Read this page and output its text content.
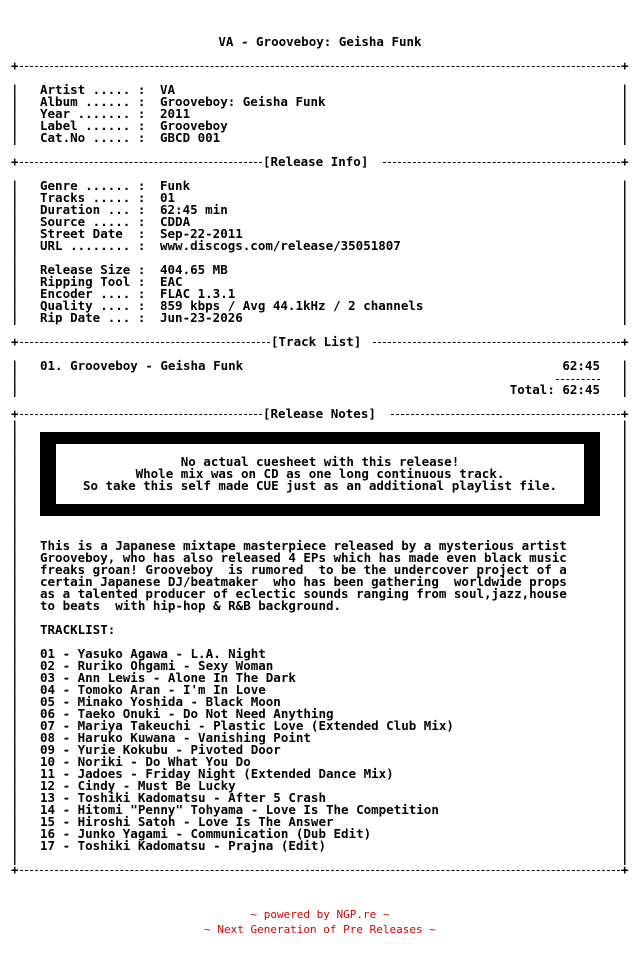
VA - Grooveboy: Geisha Funk

+

	+

|

Artist ..... :

VA

	|

|

Album ...... :

Grooveboy: Geisha Funk

	|

|

Year ....... :

2011

	|

|

Label ...... :

Grooveboy

	|

|

Cat.No ..... :

GBCD 001

	|

+

	[Release Info]

	+

|

Genre ...... :

Funk

	|

|

Tracks ..... :

01

	|

|

Duration ... :

62:45 min

	|

|

Source ..... :

CDDA

	|

|

Street Date  :

Sep-22-2011

	|

|

URL ........ :

www.discogs.com/release/35051807

	|

|	|

|

Release Size :

404.65 MB

	|

|

Ripping Tool :

EAC

	|

|

Encoder .... :

FLAC 1.3.1

	|

|

Quality .... :

859 kbps / Avg 44.1kHz / 2 channels

	|

|

Rip Date ... :

Jun-23-2026

	|

+

	[Track List]

	+

|

01. Grooveboy - Geisha Funk

	62:45

|

|

	|

|

	Total: 62:45

|

+

	[Release Notes]

	+

|
|
|
|
|
|
|
|
|
|
|
|
|
|
|
|
|
|
|
|
|
|
|
|
|
|
|
|
|
|
|
|
|
|
|
|
|
|
|
|
|
|
|
|
|
|
|
|
|
|
|
|
|
|
|
|
|
|
|
|
|
|
|
|
|
|
|
|
|
|
|
|
|
|
No actual cuesheet with this release!
Whole mix was on CD as one long continuous track.
So take this self made CUE just as an additional playlist file.
This is a Japanese mixtape masterpiece released by a mysterious artist
Grooveboy, who has also released 4 EPs which has made even black music
freaks groan! Grooveboy  is rumored  to be the undercover project of a
certain Japanese DJ/beatmaker  who has been gathering  worldwide props
as a talented producer of eclectic sounds ranging from soul,jazz,house
to beats  with hip-hop & R&B background.

TRACKLIST:

01 - Yasuko Agawa - L.A. Night
02 - Ruriko Ohgami - Sexy Woman
03 - Ann Lewis - Alone In The Dark
04 - Tomoko Aran - I'm In Love
05 - Minako Yoshida - Black Moon
06 - Taeko Onuki - Do Not Need Anything
07 - Mariya Takeuchi - Plastic Love (Extended Club Mix)
08 - Haruko Kuwana - Vanishing Point
09 - Yurie Kokubu - Pivoted Door
10 - Noriki - Do What You Do
11 - Jadoes - Friday Night (Extended Dance Mix)
12 - Cindy - Must Be Lucky
13 - Toshiki Kadomatsu - After 5 Crash
14 - Hitomi "Penny" Tohyama - Love Is The Competition
15 - Hiroshi Satoh - Love Is The Answer
16 - Junko Yagami - Communication (Dub Edit)
17 - Toshiki Kadomatsu - Prajna (Edit)

+

	+

~ powered by NGP.re ~
~ Next Generation of Pre Releases ~
